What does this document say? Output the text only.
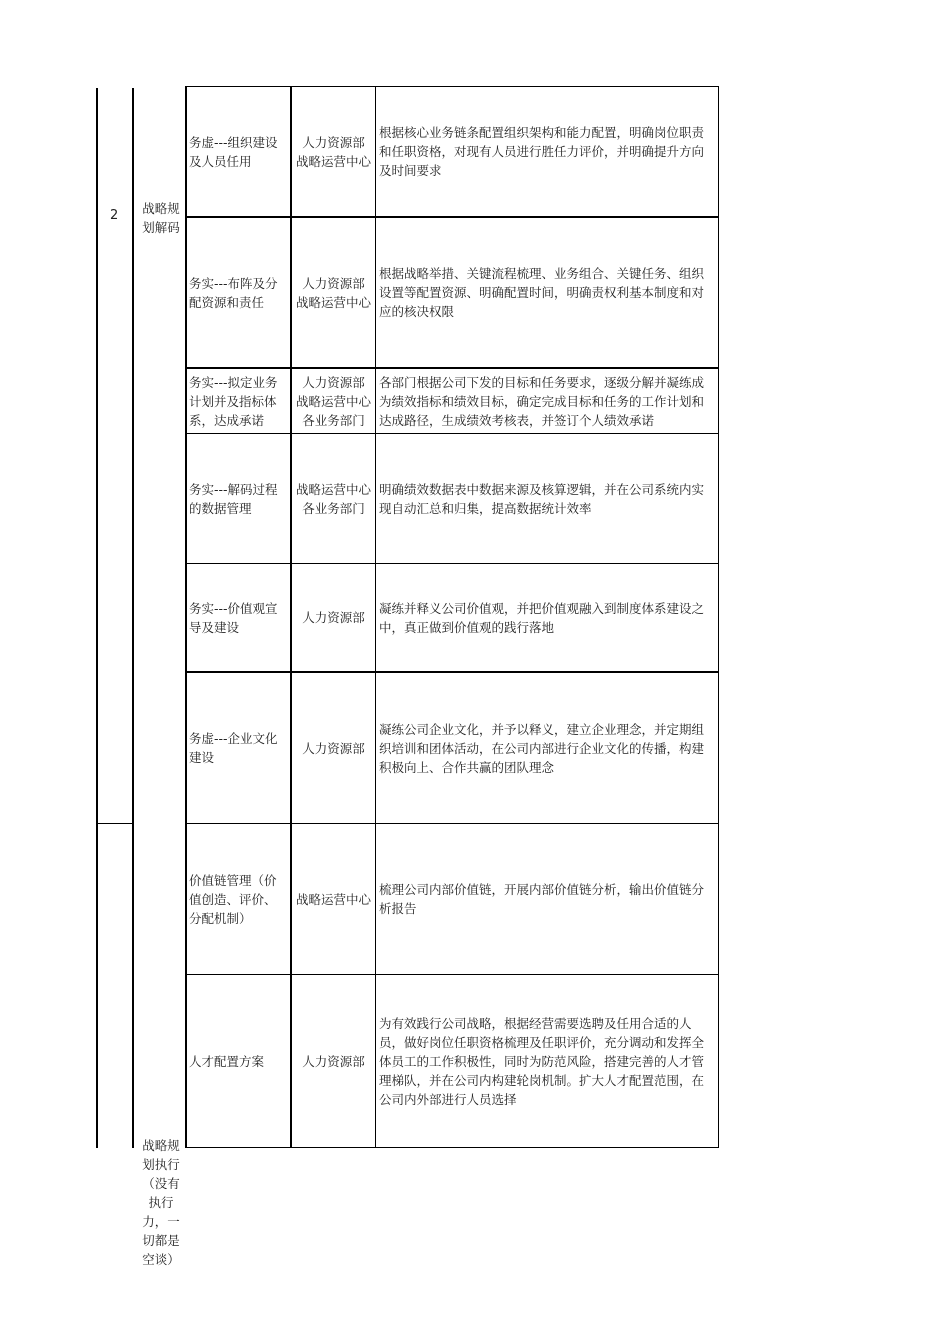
2 战略规划解码
战略规划执行（没有执行力，一切都是空谈）
务虚---组织建设及人员任用
人力资源部
战略运营中心
根据核心业务链条配置组织架构和能力配置，明确岗位职责和任职资格，对现有人员进行胜任力评价，并明确提升方向及时间要求
务实---布阵及分配资源和责任
人力资源部
战略运营中心
根据战略举措、关键流程梳理、业务组合、关键任务、组织设置等配置资源、明确配置时间，明确责权利基本制度和对应的核决权限
务实---拟定业务计划并及指标体系，达成承诺
人力资源部
战略运营中心
各业务部门
各部门根据公司下发的目标和任务要求，逐级分解并凝练成为绩效指标和绩效目标，确定完成目标和任务的工作计划和达成路径，生成绩效考核表，并签订个人绩效承诺
务实---解码过程的数据管理
战略运营中心
各业务部门
明确绩效数据表中数据来源及核算逻辑，并在公司系统内实现自动汇总和归集，提高数据统计效率
务实---价值观宣导及建设
人力资源部
凝练并释义公司价值观，并把价值观融入到制度体系建设之中，真正做到价值观的践行落地
务虚---企业文化建设
人力资源部
凝练公司企业文化，并予以释义，建立企业理念，并定期组织培训和团体活动，在公司内部进行企业文化的传播，构建积极向上、合作共赢的团队理念
价值链管理（价值创造、评价、分配机制）
战略运营中心
梳理公司内部价值链，开展内部价值链分析，输出价值链分析报告
人才配置方案	人力资源部
为有效践行公司战略，根据经营需要选聘及任用合适的人员，做好岗位任职资格梳理及任职评价，充分调动和发挥全体员工的工作积极性，同时为防范风险，搭建完善的人才管理梯队，并在公司内构建轮岗机制。扩大人才配置范围，在公司内外部进行人员选择
